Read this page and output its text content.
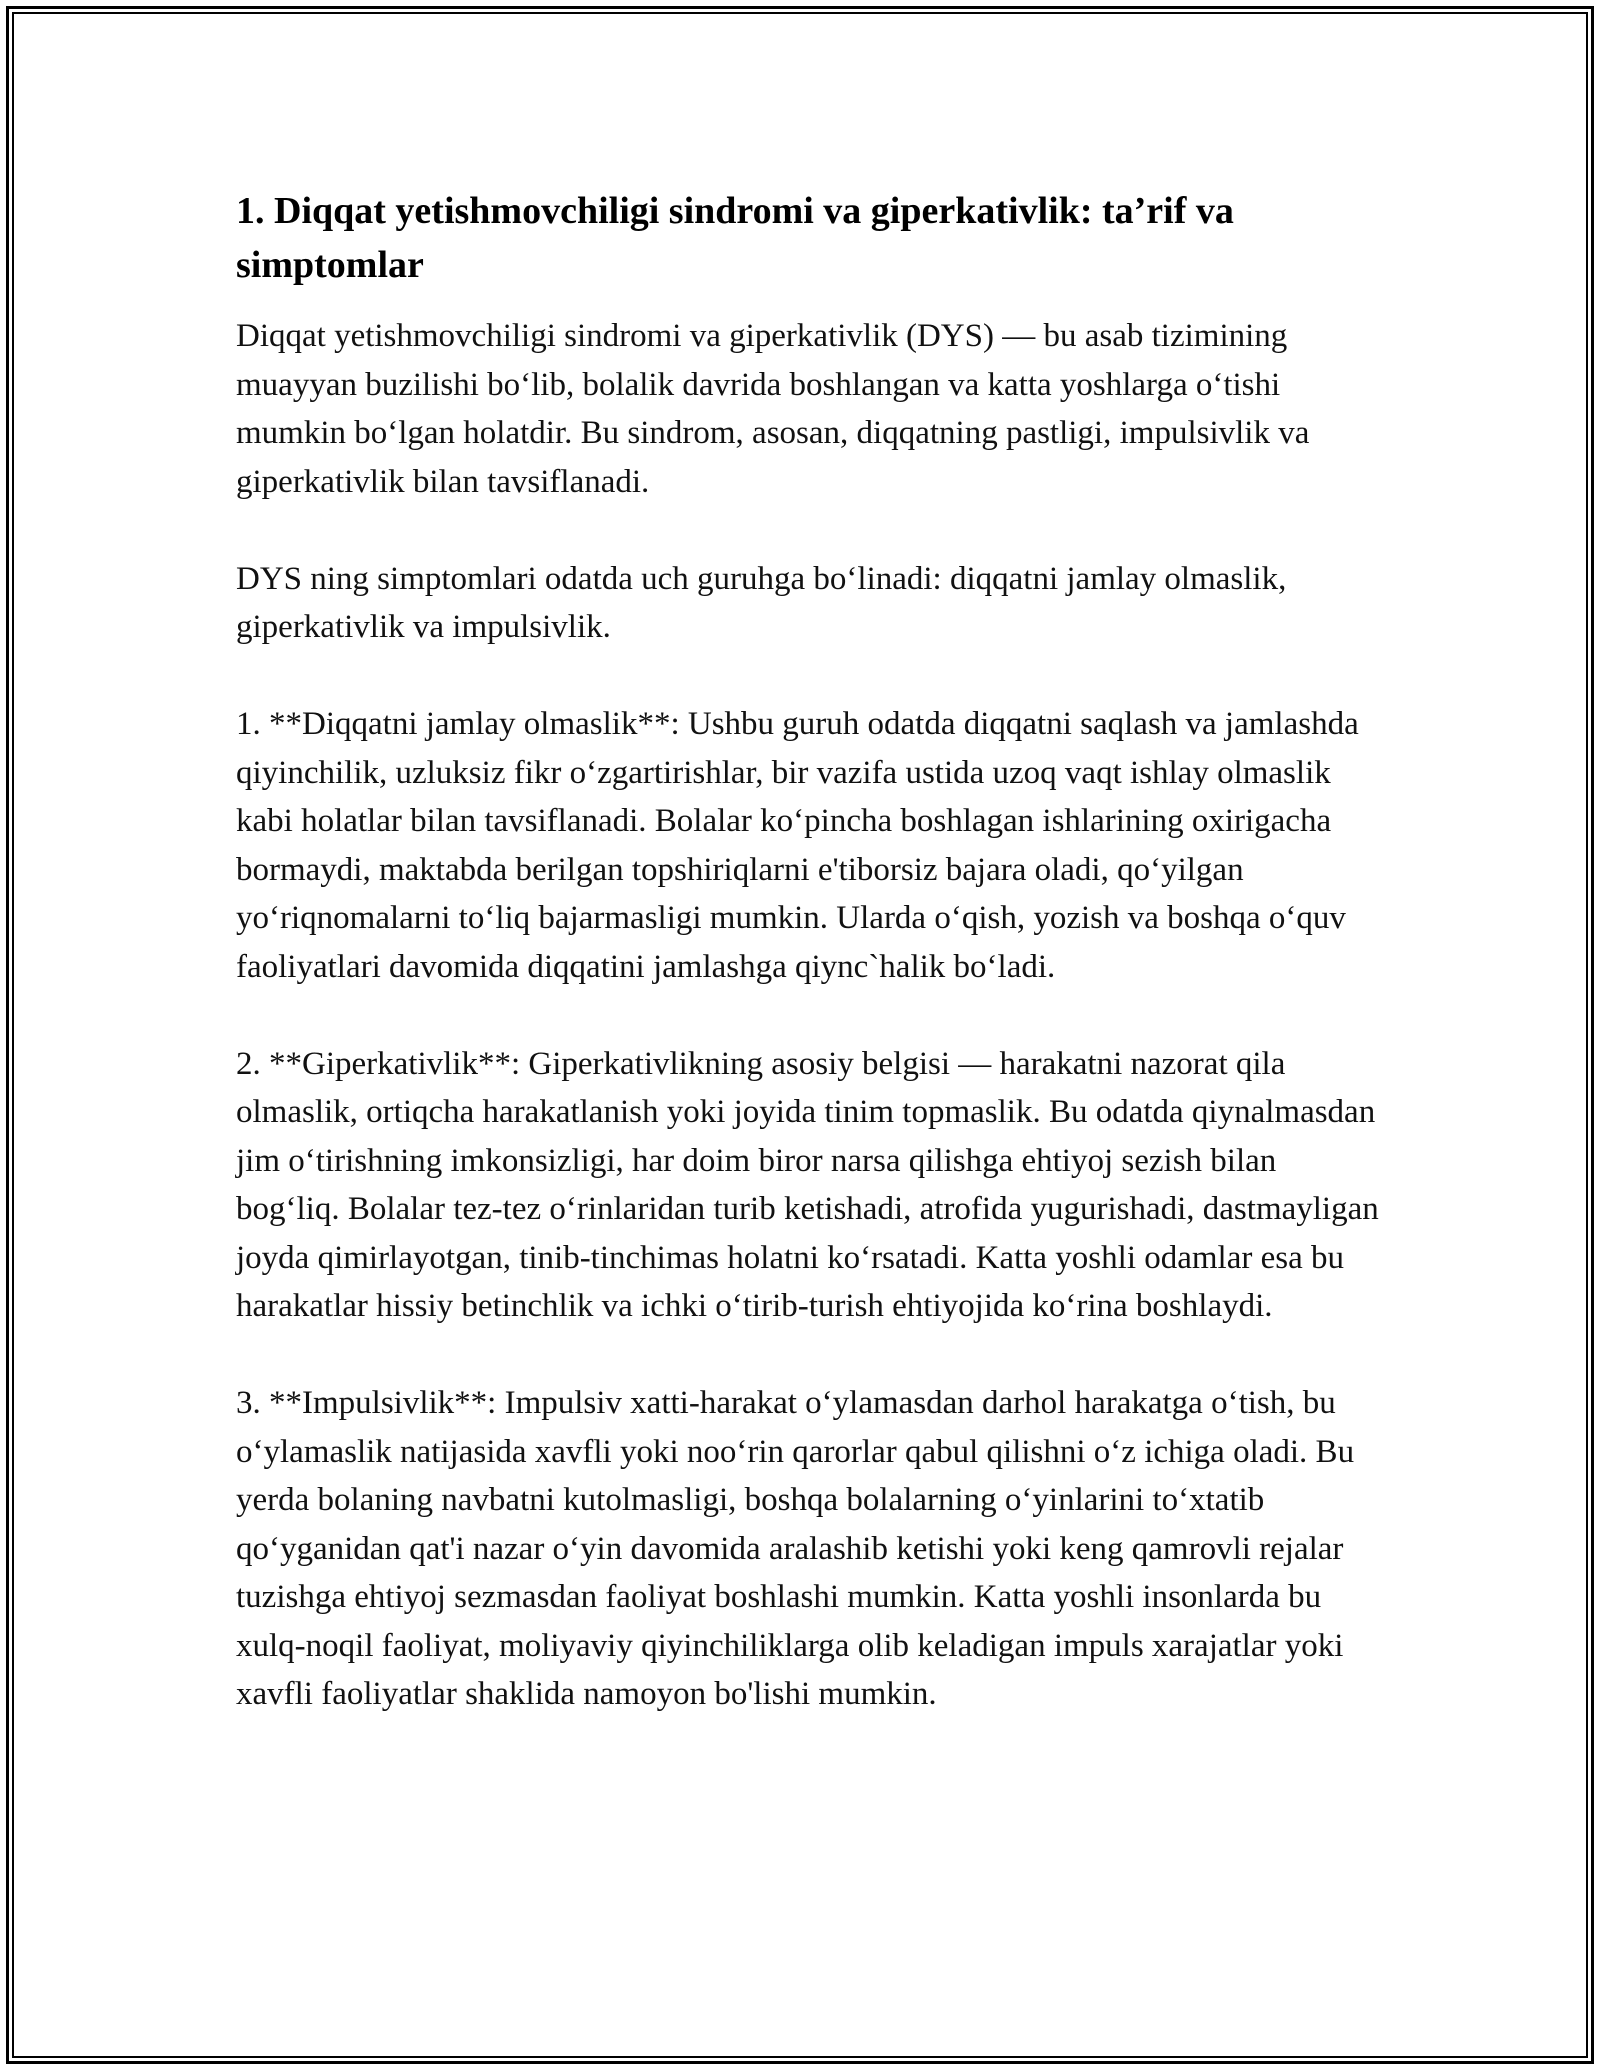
1. Diqqat yetishmovchiligi sindromi va giperkativlik: ta’rif va simptomlar

Diqqat yetishmovchiligi sindromi va giperkativlik (DYS) — bu asab tizimining muayyan buzilishi bo‘lib, bolalik davrida boshlangan va katta yoshlarga o‘tishi mumkin bo‘lgan holatdir. Bu sindrom, asosan, diqqatning pastligi, impulsivlik va giperkativlik bilan tavsiflanadi.

DYS ning simptomlari odatda uch guruhga bo‘linadi: diqqatni jamlay olmaslik, giperkativlik va impulsivlik.

1. **Diqqatni jamlay olmaslik**: Ushbu guruh odatda diqqatni saqlash va jamlashda qiyinchilik, uzluksiz fikr o‘zgartirishlar, bir vazifa ustida uzoq vaqt ishlay olmaslik kabi holatlar bilan tavsiflanadi. Bolalar ko‘pincha boshlagan ishlarining oxirigacha bormaydi, maktabda berilgan topshiriqlarni e'tiborsiz bajara oladi, qo‘yilgan yo‘riqnomalarni to‘liq bajarmasligi mumkin. Ularda o‘qish, yozish va boshqa o‘quv faoliyatlari davomida diqqatini jamlashga qiync`halik bo‘ladi.

2. **Giperkativlik**: Giperkativlikning asosiy belgisi — harakatni nazorat qila olmaslik, ortiqcha harakatlanish yoki joyida tinim topmaslik. Bu odatda qiynalmasdan jim o‘tirishning imkonsizligi, har doim biror narsa qilishga ehtiyoj sezish bilan bog‘liq. Bolalar tez-tez o‘rinlaridan turib ketishadi, atrofida yugurishadi, dastmayligan joyda qimirlayotgan, tinib-tinchimas holatni ko‘rsatadi. Katta yoshli odamlar esa bu harakatlar hissiy betinchlik va ichki o‘tirib-turish ehtiyojida ko‘rina boshlaydi.

3. **Impulsivlik**: Impulsiv xatti-harakat o‘ylamasdan darhol harakatga o‘tish, bu o‘ylamaslik natijasida xavfli yoki noo‘rin qarorlar qabul qilishni o‘z ichiga oladi. Bu yerda bolaning navbatni kutolmasligi, boshqa bolalarning o‘yinlarini to‘xtatib qo‘yganidan qat'i nazar o‘yin davomida aralashib ketishi yoki keng qamrovli rejalar tuzishga ehtiyoj sezmasdan faoliyat boshlashi mumkin. Katta yoshli insonlarda bu xulq-noqil faoliyat, moliyaviy qiyinchiliklarga olib keladigan impuls xarajatlar yoki xavfli faoliyatlar shaklida namoyon bo'lishi mumkin.
